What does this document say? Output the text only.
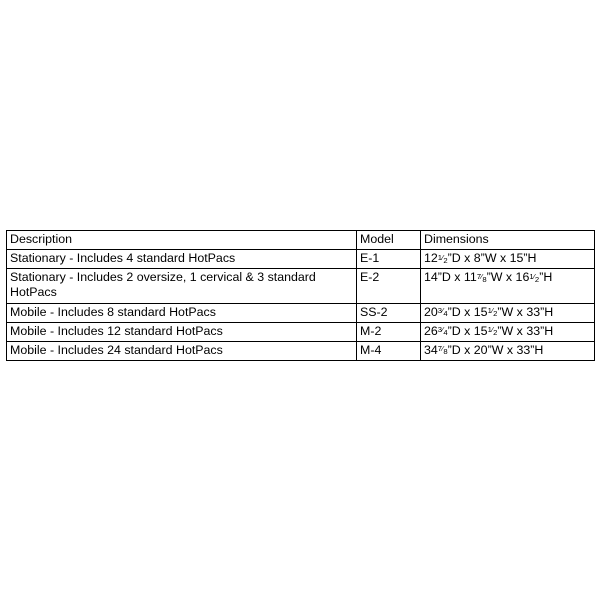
Description	Model	Dimensions
Stationary - Includes 4 standard HotPacs	E-1	121⁄2”D x 8”W x 15”H
Stationary - Includes 2 oversize, 1 cervical & 3 standard HotPacs	E-2	14”D x 117⁄8”W x 161⁄2”H
Mobile - Includes 8 standard HotPacs	SS-2	203⁄4”D x 151⁄2”W x 33”H
Mobile - Includes 12 standard HotPacs	M-2	263⁄4”D x 151⁄2”W x 33”H
Mobile - Includes 24 standard HotPacs	M-4	347⁄8”D x 20”W x 33”H
